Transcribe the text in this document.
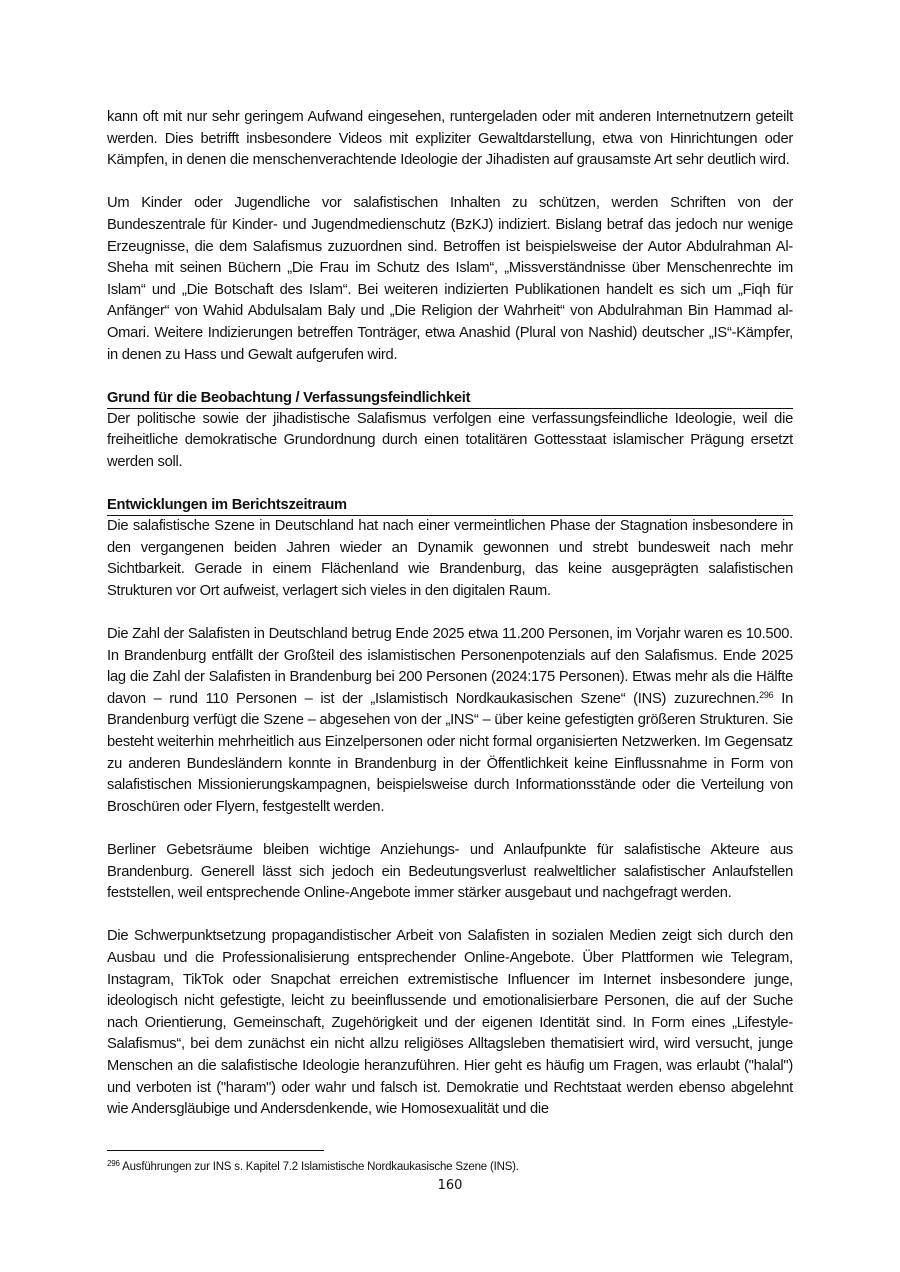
kann oft mit nur sehr geringem Aufwand eingesehen, runtergeladen oder mit anderen Internetnutzern geteilt werden. Dies betrifft insbesondere Videos mit expliziter Gewaltdarstellung, etwa von Hinrichtungen oder Kämpfen, in denen die menschenverachtende Ideologie der Jihadisten auf grausamste Art sehr deutlich wird.

Um Kinder oder Jugendliche vor salafistischen Inhalten zu schützen, werden Schriften von der Bundeszentrale für Kinder- und Jugendmedienschutz (BzKJ) indiziert. Bislang betraf das jedoch nur wenige Erzeugnisse, die dem Salafismus zuzuordnen sind. Betroffen ist beispielsweise der Autor Abdulrahman Al-Sheha mit seinen Büchern „Die Frau im Schutz des Islam“, „Missverständnisse über Menschenrechte im Islam“ und „Die Botschaft des Islam“. Bei weiteren indizierten Publikationen handelt es sich um „Fiqh für Anfänger“ von Wahid Abdulsalam Baly und „Die Religion der Wahrheit“ von Abdulrahman Bin Hammad al-Omari. Weitere Indizierungen betreffen Tonträger, etwa Anashid (Plural von Nashid) deutscher „IS“-Kämpfer, in denen zu Hass und Gewalt aufgerufen wird.

Grund für die Beobachtung / Verfassungsfeindlichkeit

Der politische sowie der jihadistische Salafismus verfolgen eine verfassungsfeindliche Ideologie, weil die freiheitliche demokratische Grundordnung durch einen totalitären Gottesstaat islamischer Prägung ersetzt werden soll.

Entwicklungen im Berichtszeitraum

Die salafistische Szene in Deutschland hat nach einer vermeintlichen Phase der Stagnation insbesondere in den vergangenen beiden Jahren wieder an Dynamik gewonnen und strebt bundesweit nach mehr Sichtbarkeit. Gerade in einem Flächenland wie Brandenburg, das keine ausgeprägten salafistischen Strukturen vor Ort aufweist, verlagert sich vieles in den digitalen Raum.

Die Zahl der Salafisten in Deutschland betrug Ende 2025 etwa 11.200 Personen, im Vorjahr waren es 10.500. In Brandenburg entfällt der Großteil des islamistischen Personenpotenzials auf den Salafismus. Ende 2025 lag die Zahl der Salafisten in Brandenburg bei 200 Personen (2024:175 Personen). Etwas mehr als die Hälfte davon – rund 110 Personen – ist der „Islamistisch Nordkaukasischen Szene“ (INS) zuzurechnen.$^{296}$ In Brandenburg verfügt die Szene – abgesehen von der „INS“ – über keine gefestigten größeren Strukturen. Sie besteht weiterhin mehrheitlich aus Einzelpersonen oder nicht formal organisierten Netzwerken. Im Gegensatz zu anderen Bundesländern konnte in Brandenburg in der Öffentlichkeit keine Einflussnahme in Form von salafistischen Missionierungskampagnen, beispielsweise durch Informationsstände oder die Verteilung von Broschüren oder Flyern, festgestellt werden.

Berliner Gebetsräume bleiben wichtige Anziehungs- und Anlaufpunkte für salafistische Akteure aus Brandenburg. Generell lässt sich jedoch ein Bedeutungsverlust realweltlicher salafistischer Anlaufstellen feststellen, weil entsprechende Online-Angebote immer stärker ausgebaut und nachgefragt werden.

Die Schwerpunktsetzung propagandistischer Arbeit von Salafisten in sozialen Medien zeigt sich durch den Ausbau und die Professionalisierung entsprechender Online-Angebote. Über Plattformen wie Telegram, Instagram, TikTok oder Snapchat erreichen extremistische Influencer im Internet insbesondere junge, ideologisch nicht gefestigte, leicht zu beeinflussende und emotionalisierbare Personen, die auf der Suche nach Orientierung, Gemeinschaft, Zugehörigkeit und der eigenen Identität sind. In Form eines „Lifestyle-Salafismus“, bei dem zunächst ein nicht allzu religiöses Alltagsleben thematisiert wird, wird versucht, junge Menschen an die salafistische Ideologie heranzuführen. Hier geht es häufig um Fragen, was erlaubt ("halal") und verboten ist ("haram") oder wahr und falsch ist. Demokratie und Rechtstaat werden ebenso abgelehnt wie Andersgläubige und Andersdenkende, wie Homosexualität und die

$^{296}$ Ausführungen zur INS s. Kapitel 7.2 Islamistische Nordkaukasische Szene (INS).
160
